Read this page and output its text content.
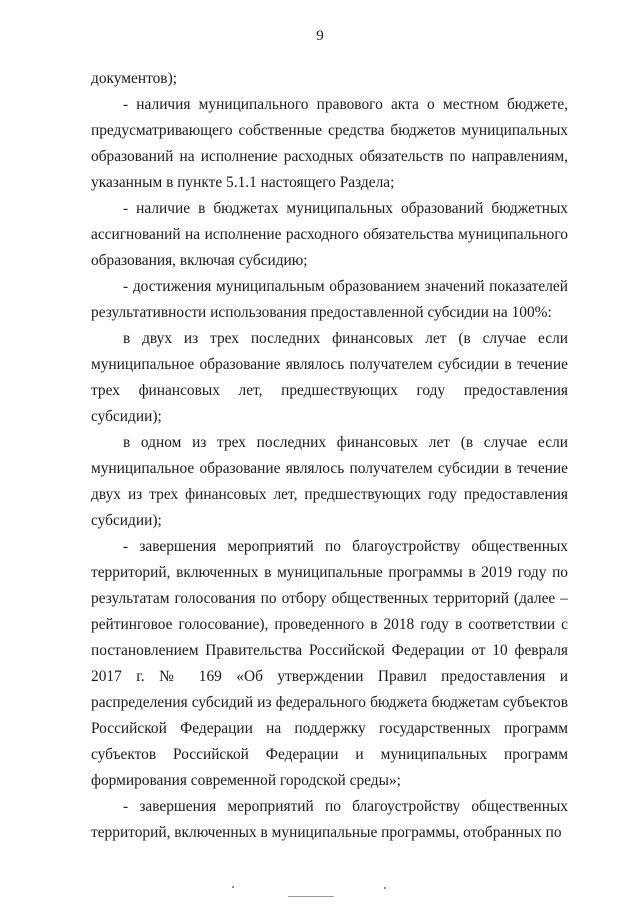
9

документов);

- наличия муниципального правового акта о местном бюджете, предусматривающего собственные средства бюджетов муниципальных образований на исполнение расходных обязательств по направлениям, указанным в пункте 5.1.1 настоящего Раздела;

- наличие в бюджетах муниципальных образований бюджетных ассигнований на исполнение расходного обязательства муниципального образования, включая субсидию;

- достижения муниципальным образованием значений показателей результативности использования предоставленной субсидии на 100%:

в двух из трех последних финансовых лет (в случае если муниципальное образование являлось получателем субсидии в течение трех финансовых лет, предшествующих году предоставления субсидии);

в одном из трех последних финансовых лет (в случае если муниципальное образование являлось получателем субсидии в течение двух из трех финансовых лет, предшествующих году предоставления субсидии);

- завершения мероприятий по благоустройству общественных территорий, включенных в муниципальные программы в 2019 году по результатам голосования по отбору общественных территорий (далее – рейтинговое голосование), проведенного в 2018 году в соответствии с постановлением Правительства Российской Федерации от 10 февраля 2017 г. № 169 «Об утверждении Правил предоставления и распределения субсидий из федерального бюджета бюджетам субъектов Российской Федерации на поддержку государственных программ субъектов Российской Федерации и муниципальных программ формирования современной городской среды»;

- завершения мероприятий по благоустройству общественных территорий, включенных в муниципальные программы, отобранных по
